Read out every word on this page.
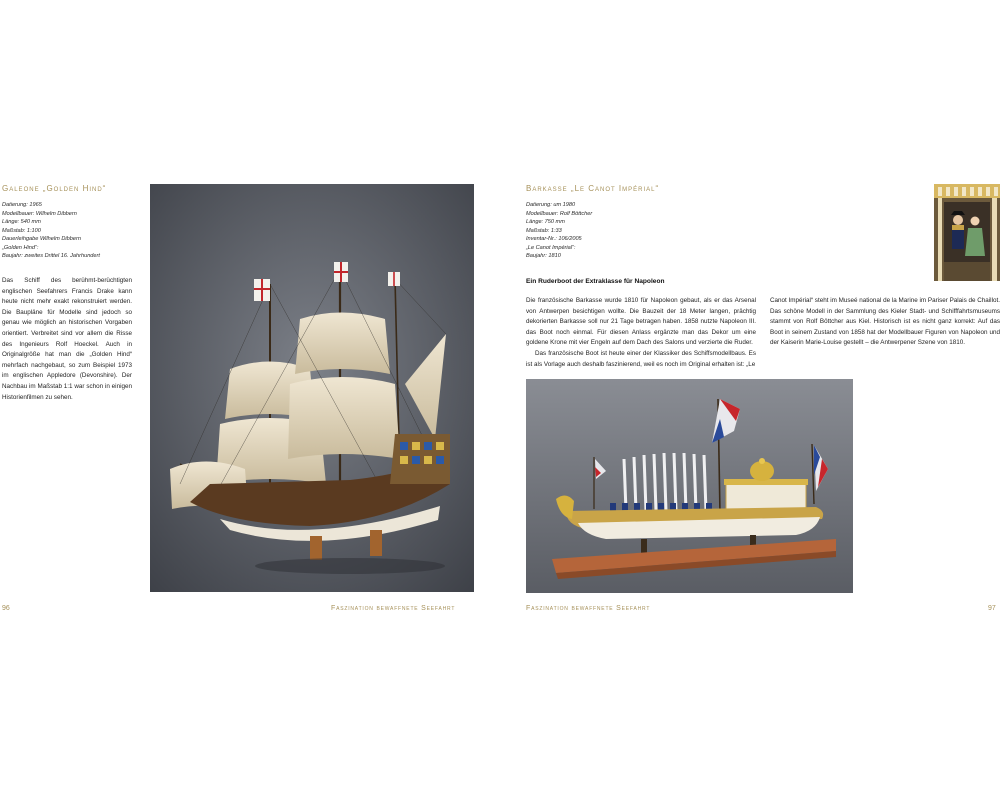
Galeone „Golden Hind“
Datierung: 1965
Modellbauer: Wilhelm Dibbern
Länge: 540 mm
Maßstab: 1:100
Dauerleihgabe Wilhelm Dibbern
„Golden Hind“:
Baujahr: zweites Drittel 16. Jahrhundert

Das Schiff des berühmt-berüchtigten englischen Seefahrers Francis Drake kann heute nicht mehr exakt rekonstruiert werden. Die Baupläne für Modelle sind jedoch so genau wie möglich an historischen Vorgaben orientiert. Verbreitet sind vor allem die Risse des Ingenieurs Rolf Hoeckel. Auch in Originalgröße hat man die „Golden Hind“ mehrfach nachgebaut, so zum Beispiel 1973 im englischen Appledore (Devonshire). Der Nachbau im Maßstab 1:1 war schon in einigen Historienfilmen zu sehen.

96	Faszination bewaffnete Seefahrt
Barkasse „Le Canot Impérial“
Datierung: um 1980
Modellbauer: Rolf Böttcher
Länge: 750 mm
Maßstab: 1:33
Inventar-Nr.: 106/2005
„Le Canot Impérial“:
Baujahr: 1810
Ein Ruderboot der Extraklasse für Napoleon

Die französische Barkasse wurde 1810 für Napoleon gebaut, als er das Arsenal von Antwerpen besichtigen wollte. Die Bauzeit der 18 Meter langen, prächtig dekorierten Barkasse soll nur 21 Tage betragen haben. 1858 nutzte Napoleon III. das Boot noch einmal. Für diesen Anlass ergänzte man das Dekor um eine goldene Krone mit vier Engeln auf dem Dach des Salons und verzierte die Ruder.

Das französische Boot ist heute einer der Klassiker des Schiffsmodellbaus. Es ist als Vorlage auch deshalb faszinierend, weil es noch im Original erhalten ist: „Le

Canot Impérial“ steht im Museé national de la Marine im Pariser Palais de Chaillot. Das schöne Modell in der Sammlung des Kieler Stadt- und Schifffahrtsmuseums stammt von Rolf Böttcher aus Kiel. Historisch ist es nicht ganz korrekt: Auf das Boot in seinem Zustand von 1858 hat der Modellbauer Figuren von Napoleon und der Kaiserin Marie-Louise gestellt – die Antwerpener Szene von 1810.

Faszination bewaffnete Seefahrt	97
